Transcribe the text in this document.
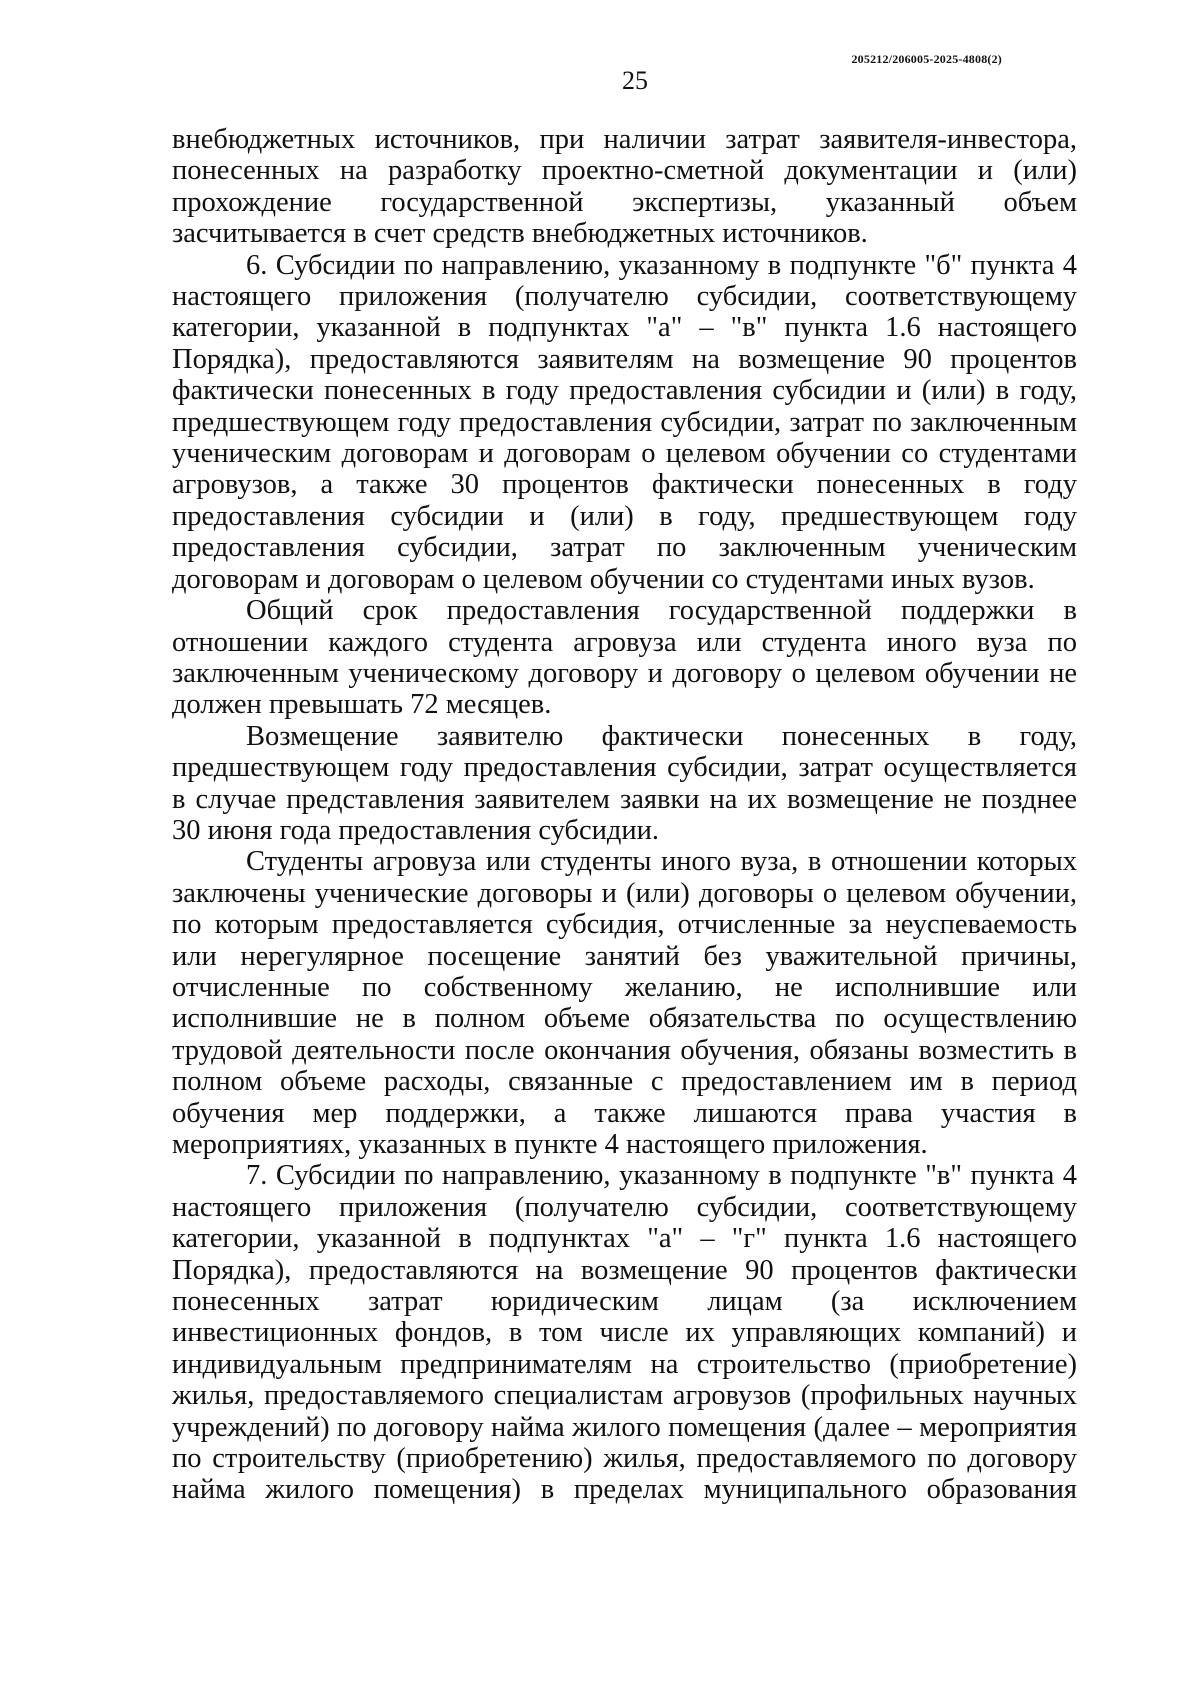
205212/206005-2025-4808(2)
25

внебюджетных источников, при наличии затрат заявителя-инвестора, понесенных на разработку проектно-сметной документации и (или) прохождение государственной экспертизы, указанный объем засчитывается в счет средств внебюджетных источников.

6. Субсидии по направлению, указанному в подпункте "б" пункта 4 настоящего приложения (получателю субсидии, соответствующему категории, указанной в подпунктах "а" – "в" пункта 1.6 настоящего Порядка), предоставляются заявителям на возмещение 90 процентов фактически понесенных в году предоставления субсидии и (или) в году, предшествующем году предоставления субсидии, затрат по заключенным ученическим договорам и договорам о целевом обучении со студентами агровузов, а также 30 процентов фактически понесенных в году предоставления субсидии и (или) в году, предшествующем году предоставления субсидии, затрат по заключенным ученическим договорам и договорам о целевом обучении со студентами иных вузов.

Общий срок предоставления государственной поддержки в отношении каждого студента агровуза или студента иного вуза по заключенным ученическому договору и договору о целевом обучении не должен превышать 72 месяцев.

Возмещение заявителю фактически понесенных в году, предшествующем году предоставления субсидии, затрат осуществляется в случае представления заявителем заявки на их возмещение не позднее 30 июня года предоставления субсидии.

Студенты агровуза или студенты иного вуза, в отношении которых заключены ученические договоры и (или) договоры о целевом обучении, по которым предоставляется субсидия, отчисленные за неуспеваемость или нерегулярное посещение занятий без уважительной причины, отчисленные по собственному желанию, не исполнившие или исполнившие не в полном объеме обязательства по осуществлению трудовой деятельности после окончания обучения, обязаны возместить в полном объеме расходы, связанные с предоставлением им в период обучения мер поддержки, а также лишаются права участия в мероприятиях, указанных в пункте 4 настоящего приложения.

7. Субсидии по направлению, указанному в подпункте "в" пункта 4 настоящего приложения (получателю субсидии, соответствующему категории, указанной в подпунктах "а" – "г" пункта 1.6 настоящего Порядка), предоставляются на возмещение 90 процентов фактически понесенных затрат юридическим лицам (за исключением инвестиционных фондов, в том числе их управляющих компаний) и индивидуальным предпринимателям на строительство (приобретение) жилья, предоставляемого специалистам агровузов (профильных научных учреждений) по договору найма жилого помещения (далее – мероприятия по строительству (приобретению) жилья, предоставляемого по договору найма жилого помещения) в пределах муниципального образования
